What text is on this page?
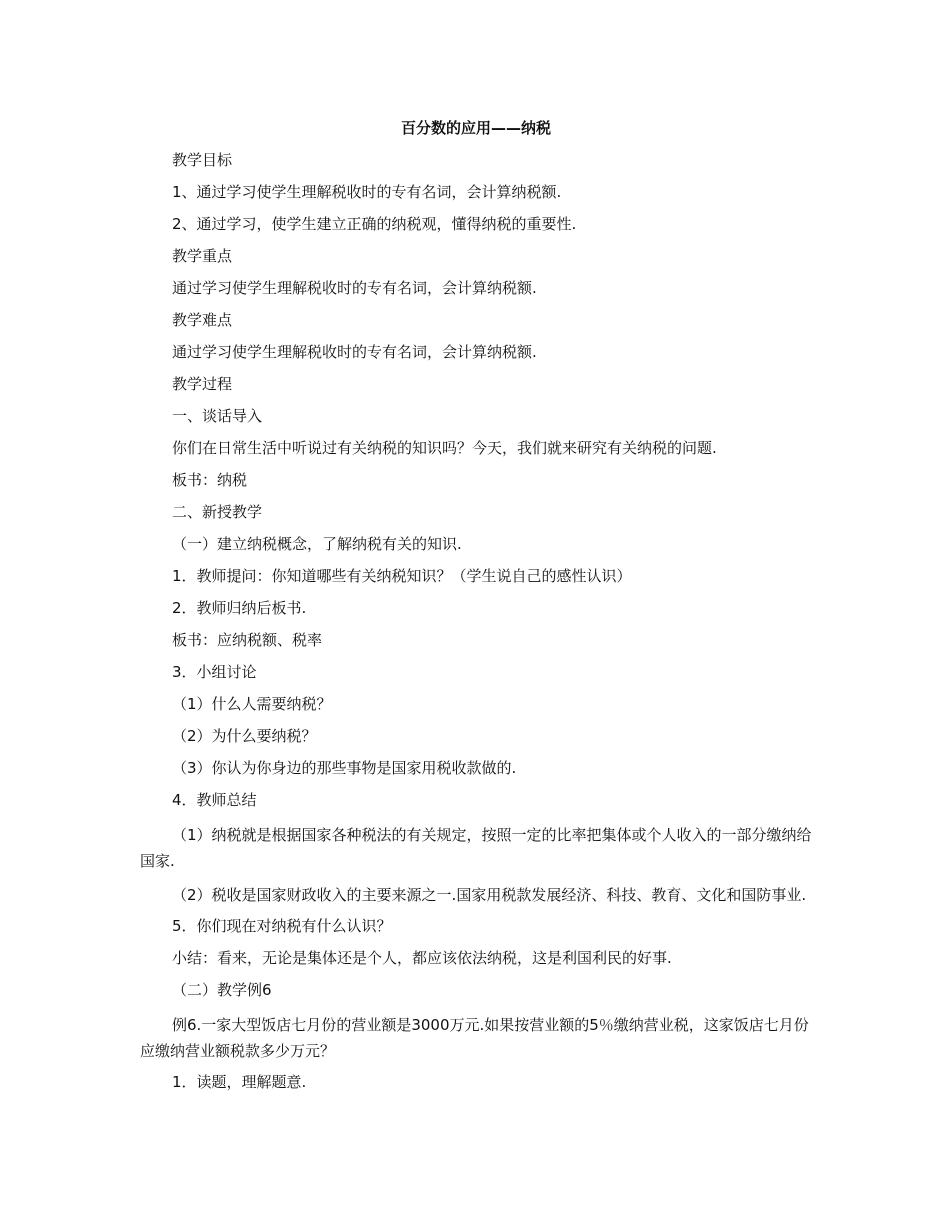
百分数的应用——纳税
教学目标
1、通过学习使学生理解税收时的专有名词，会计算纳税额.
2、通过学习，使学生建立正确的纳税观，懂得纳税的重要性.
教学重点
通过学习使学生理解税收时的专有名词，会计算纳税额.
教学难点
通过学习使学生理解税收时的专有名词，会计算纳税额.
教学过程
一、谈话导入
你们在日常生活中听说过有关纳税的知识吗？今天，我们就来研究有关纳税的问题.
板书：纳税
二、新授教学
（一）建立纳税概念，了解纳税有关的知识.
1．教师提问：你知道哪些有关纳税知识？（学生说自己的感性认识）
2．教师归纳后板书.
板书：应纳税额、税率
3．小组讨论
（1）什么人需要纳税？
（2）为什么要纳税？
（3）你认为你身边的那些事物是国家用税收款做的.
4．教师总结
（1）纳税就是根据国家各种税法的有关规定，按照一定的比率把集体或个人收入的一部分缴纳给国家.
（2）税收是国家财政收入的主要来源之一.国家用税款发展经济、科技、教育、文化和国防事业.
5．你们现在对纳税有什么认识？
小结：看来，无论是集体还是个人，都应该依法纳税，这是利国利民的好事.
（二）教学例6
例6.一家大型饭店七月份的营业额是3000万元.如果按营业额的5％缴纳营业税，这家饭店七月份应缴纳营业额税款多少万元？
1．读题，理解题意.
